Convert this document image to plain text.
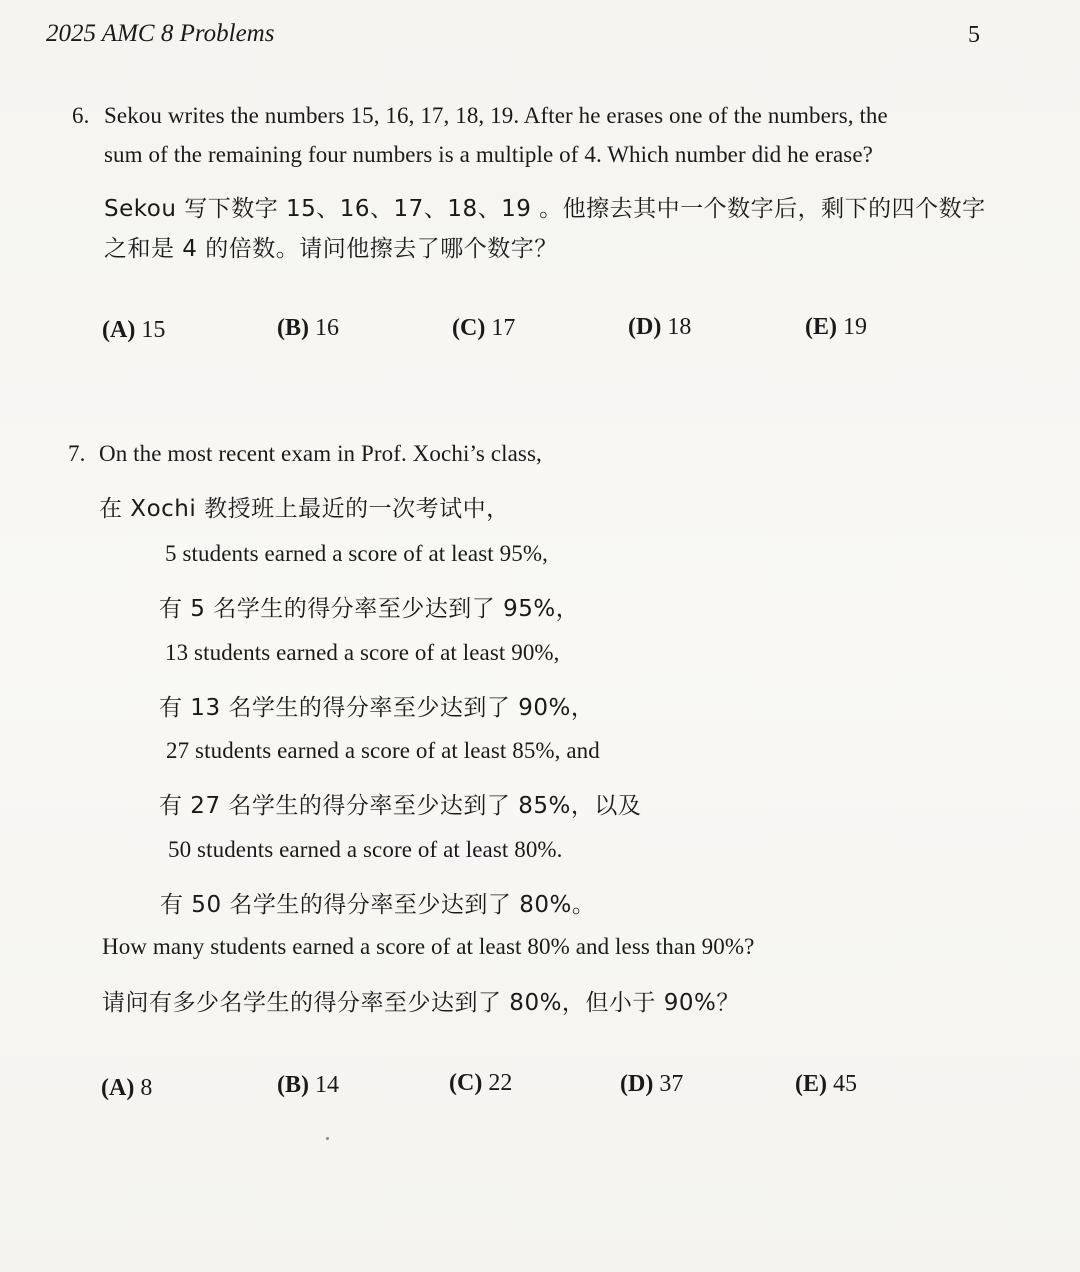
2025 AMC 8 Problems	5
6. Sekou writes the numbers 15, 16, 17, 18, 19. After he erases one of the numbers, the
sum of the remaining four numbers is a multiple of 4. Which number did he erase?
Sekou 写下数字 15、16、17、18、19 。他擦去其中一个数字后，剩下的四个数字
之和是 4 的倍数。请问他擦去了哪个数字？
(A) 15	(B) 16	(C) 17	(D) 18	(E) 19
7. On the most recent exam in Prof. Xochi’s class,
在 Xochi 教授班上最近的一次考试中，
5 students earned a score of at least 95%,
有 5 名学生的得分率至少达到了 95%，
13 students earned a score of at least 90%,
有 13 名学生的得分率至少达到了 90%，
27 students earned a score of at least 85%, and
有 27 名学生的得分率至少达到了 85%，以及
50 students earned a score of at least 80%.
有 50 名学生的得分率至少达到了 80%。
How many students earned a score of at least 80% and less than 90%?
请问有多少名学生的得分率至少达到了 80%，但小于 90%？
(A) 8	(B) 14	(C) 22	(D) 37	(E) 45
